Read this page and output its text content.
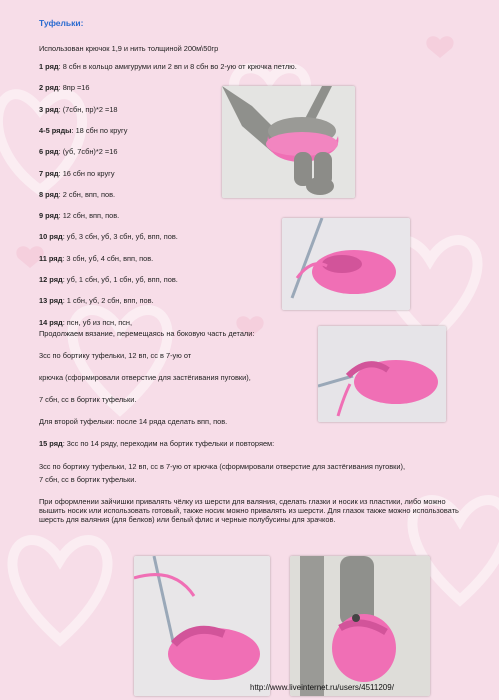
Туфельки:
Использован крючок 1,9 и нить толщиной 200м\50гр
1 ряд: 8 сбн в кольцо амигуруми или 2 вп и 8 сбн во 2-ую от крючка петлю.
2 ряд: 8пр =16
3 ряд: (7сбн, пр)*2 =18
4-5 ряды: 18 сбн по кругу
6 ряд: (уб, 7сбн)*2 =16
7 ряд: 16 сбн по кругу
8 ряд: 2 сбн, впп, пов.
9 ряд: 12 сбн, впп, пов.
10 ряд: уб, 3 сбн, уб, 3 сбн, уб, впп, пов.
11 ряд: 3 сбн, уб, 4 сбн, впп, пов.
12 ряд: уб, 1 сбн, уб, 1 сбн, уб, впп, пов.
13 ряд: 1 сбн, уб, 2 сбн, впп, пов.
14 ряд: псн, уб из псн, псн,
Продолжаем вязание, перемещаясь на боковую часть детали:
3сс по бортику туфельки, 12 вп, сс в 7-ую от
крючка (сформировали отверстие для застёгивания пуговки),
7 сбн, сс в бортик туфельки.
Для второй туфельки: после 14 ряда сделать впп, пов.
15 ряд: 3сс по 14 ряду, переходим на бортик туфельки и повторяем:
3сс по бортику туфельки, 12 вп, сс в 7-ую от крючка (сформировали отверстие для застёгивания пуговки),
7 сбн, сс в бортик туфельки.
При оформлении зайчишки привалять чёлку из шерсти для валяния, сделать глазки и носик из пластики, либо можно вышить носик или использовать готовый, также носик можно привалять из шерсти. Для глазок также можно использовать шерсть для валяния (для белков) или белый флис и черные полубусины для зрачков.
http://www.liveinternet.ru/users/4511209/
